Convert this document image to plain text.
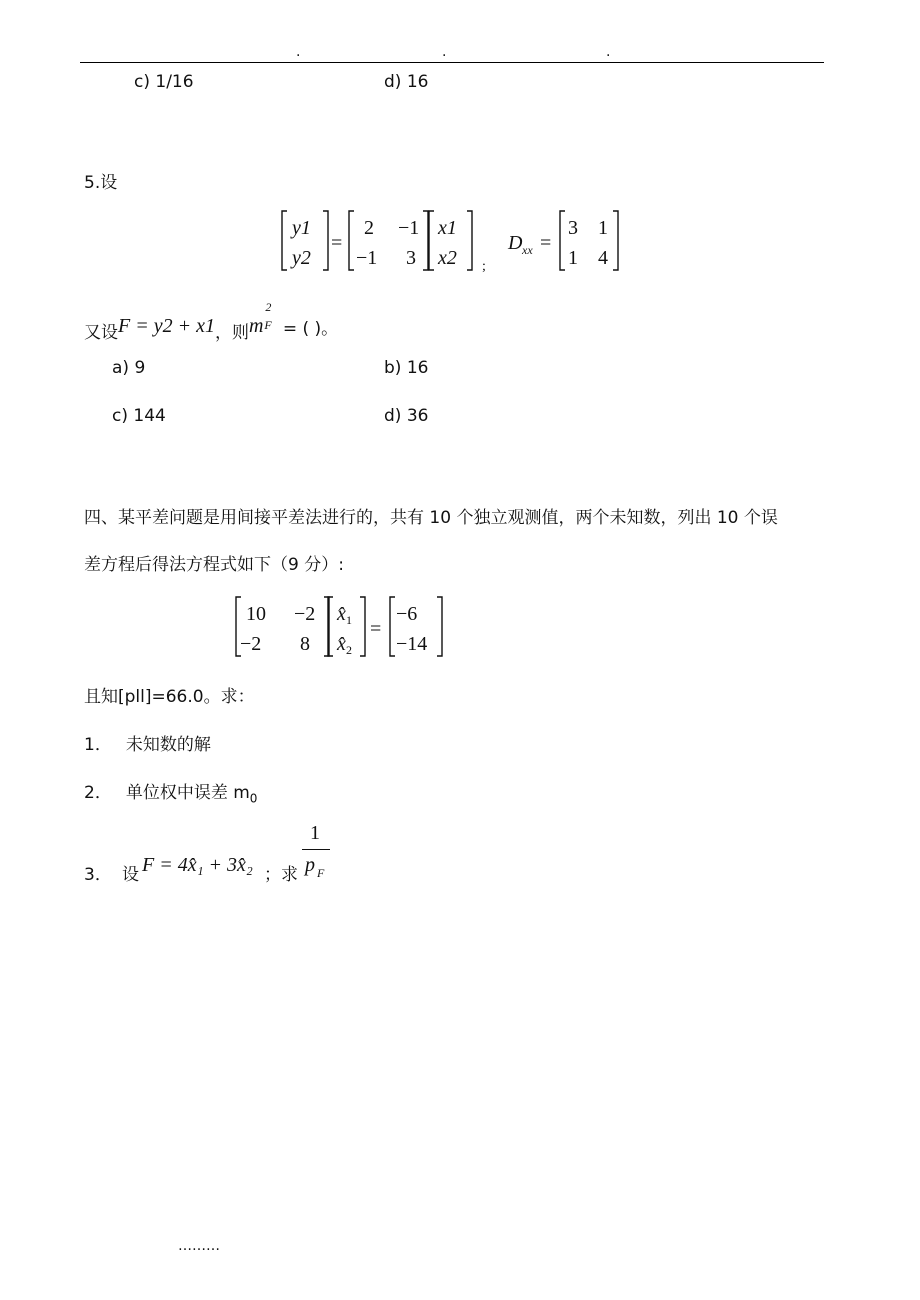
.	.	.
c) 1/16	d) 16
5.设
y1
y2
=
2 −1
−1 3
x1
x2 ;
D xx =
3 1
1 4
又设F = y2 + x1，则m
2
F = ( )。
a) 9	b) 16
c) 144	d) 36
四、某平差问题是用间接平差法进行的，共有 10 个独立观测值，两个未知数，列出 10 个误
差方程后得法方程式如下（9 分）:
10 −2
−2 8
x̂ 1
x̂ 2
=
−6
−14
且知[pll]=66.0。求：
1． 未知数的解
2． 单位权中误差 $m_0$
3． 设 F = 4x̂₁ + 3x̂₂ ；求
1
p F
………
